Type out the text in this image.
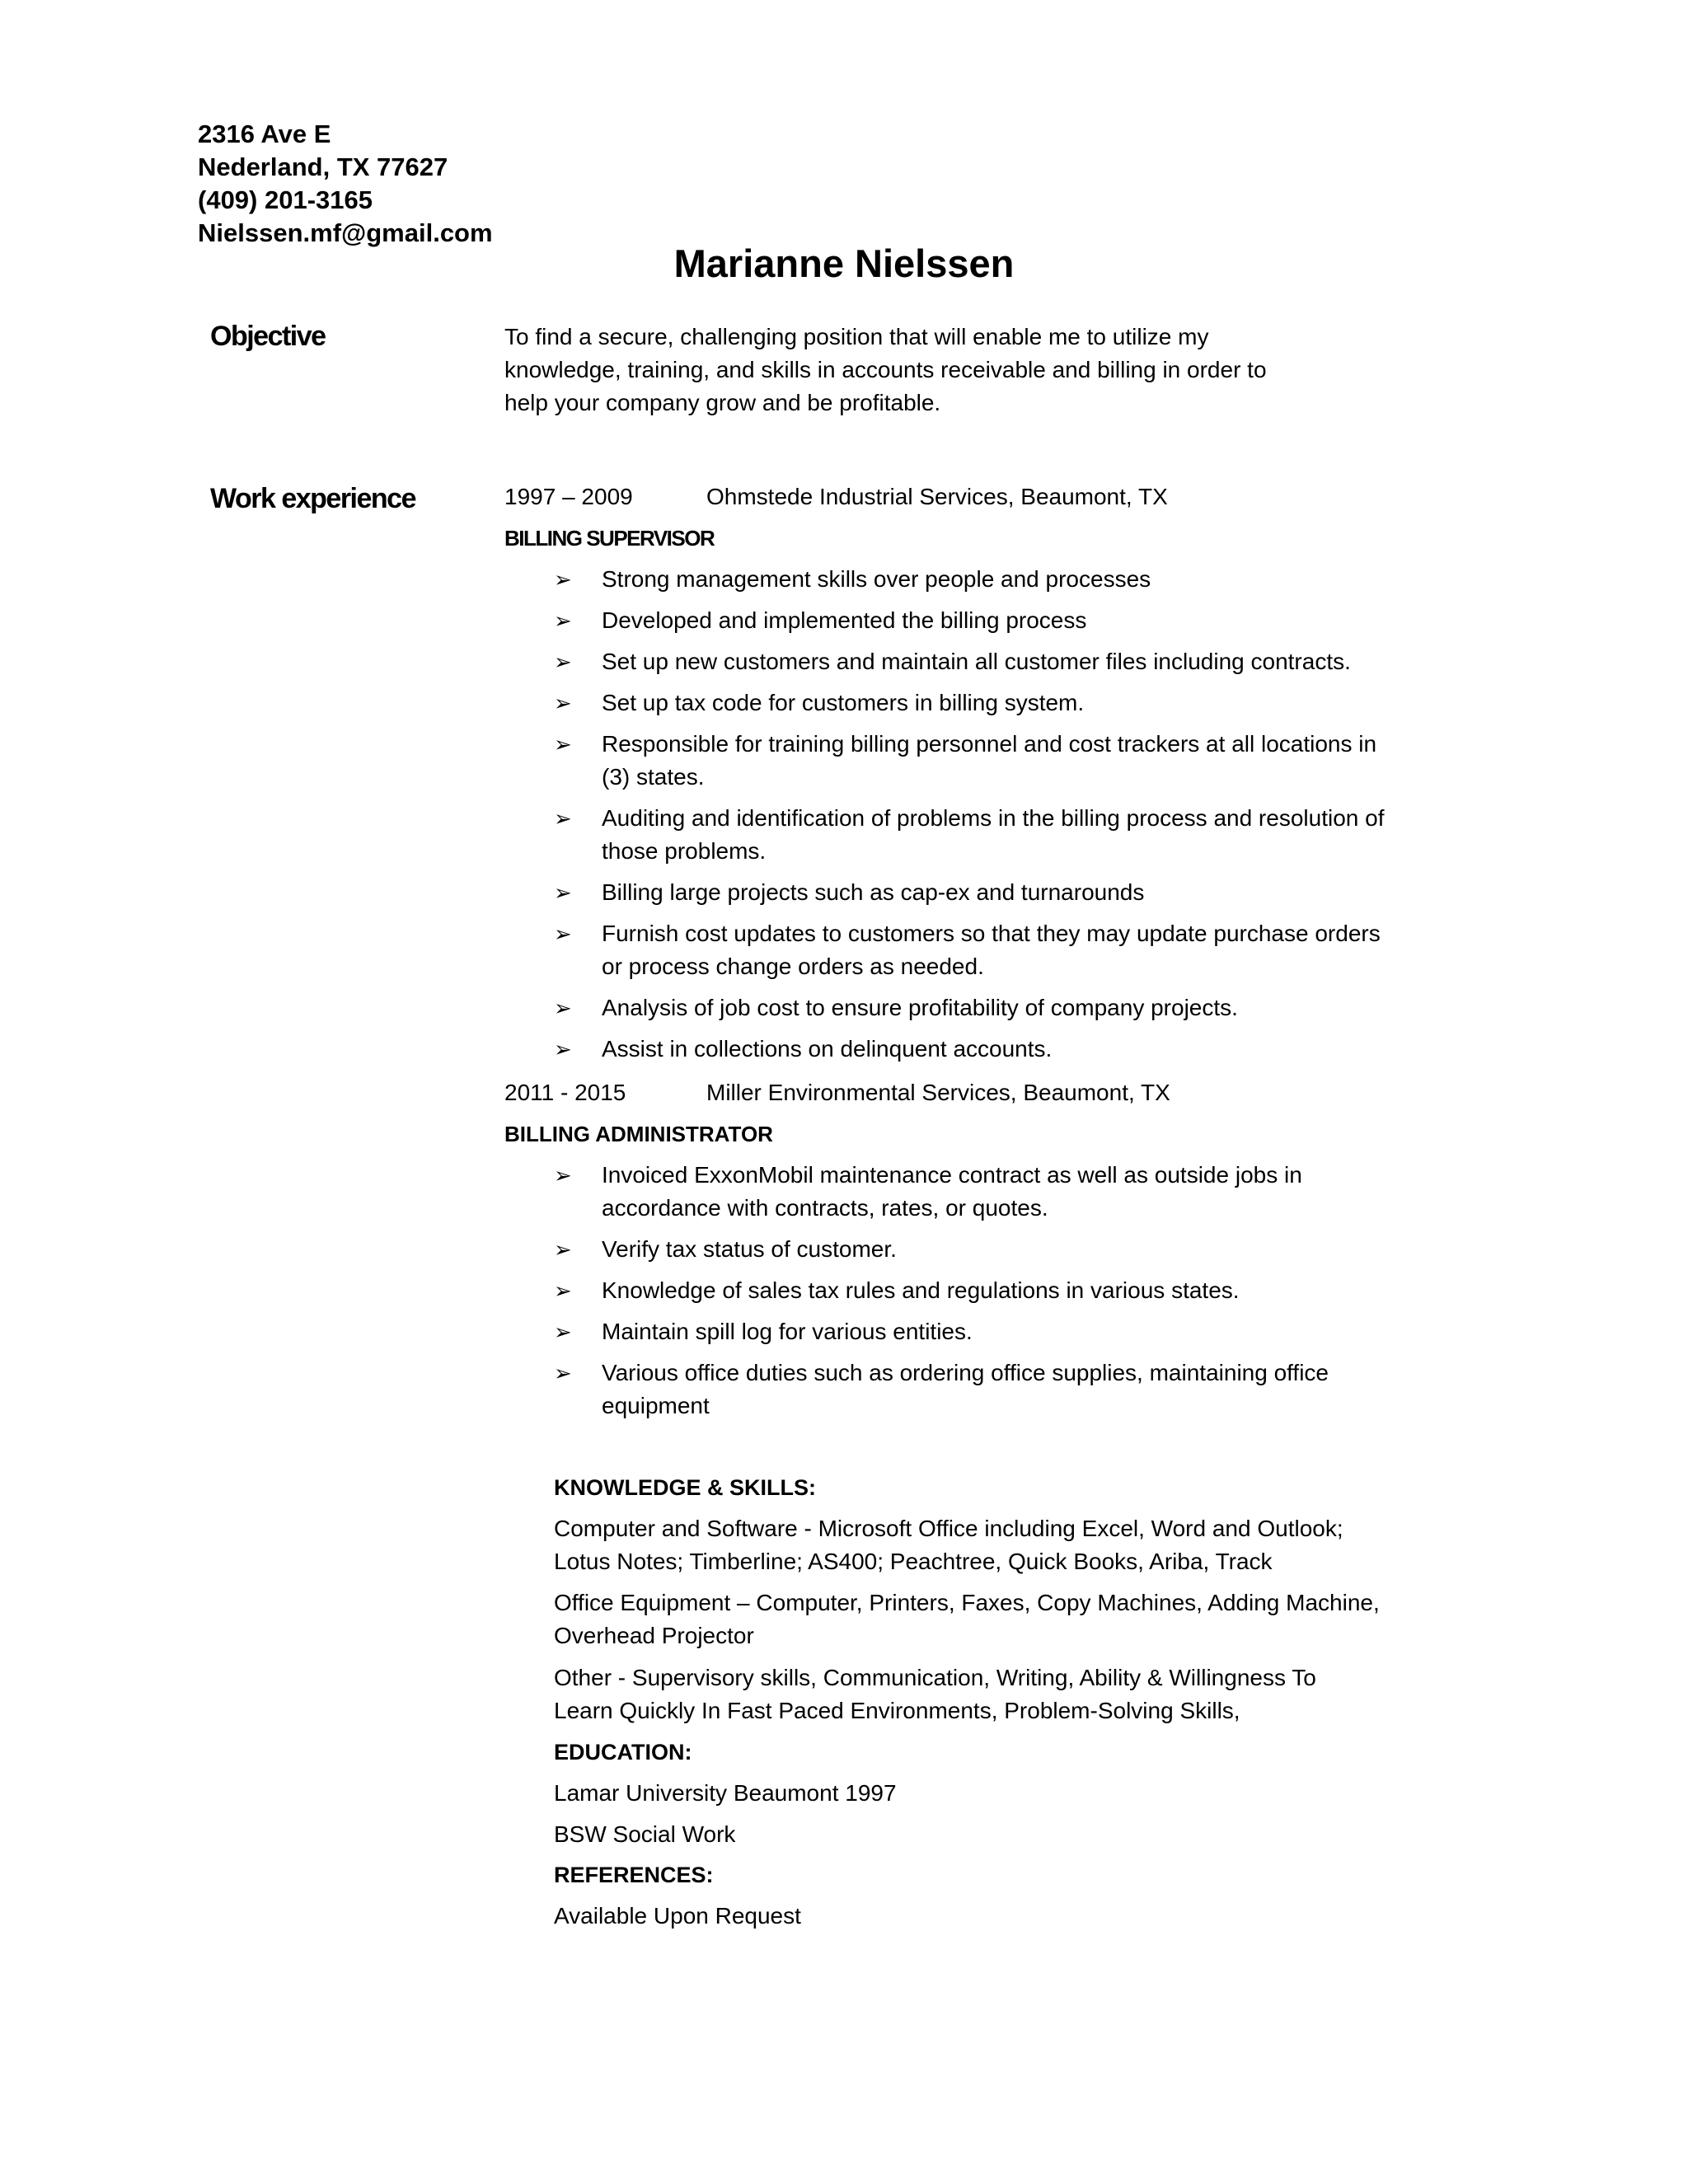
2316 Ave E
Nederland, TX 77627
(409) 201-3165
Nielssen.mf@gmail.com
Marianne Nielssen
Objective	To find a secure, challenging position that will enable me to utilize my
knowledge, training, and skills in accounts receivable and billing in order to
help your company grow and be profitable.
Work experience	1997 – 2009	Ohmstede Industrial Services, Beaumont, TX
BILLING SUPERVISOR
➢ Strong management skills over people and processes
➢ Developed and implemented the billing process
➢ Set up new customers and maintain all customer files including contracts.
➢ Set up tax code for customers in billing system.
➢ Responsible for training billing personnel and cost trackers at all locations in (3) states.
➢ Auditing and identification of problems in the billing process and resolution of those problems.
➢ Billing large projects such as cap-ex and turnarounds
➢ Furnish cost updates to customers so that they may update purchase orders or process change orders as needed.
➢ Analysis of job cost to ensure profitability of company projects.
➢ Assist in collections on delinquent accounts.
2011 - 2015	Miller Environmental Services, Beaumont, TX
BILLING ADMINISTRATOR
➢ Invoiced ExxonMobil maintenance contract as well as outside jobs in accordance with contracts, rates, or quotes.
➢ Verify tax status of customer.
➢ Knowledge of sales tax rules and regulations in various states.
➢ Maintain spill log for various entities.
➢ Various office duties such as ordering office supplies, maintaining office equipment
KNOWLEDGE & SKILLS:
Computer and Software - Microsoft Office including Excel, Word and Outlook;
Lotus Notes; Timberline; AS400; Peachtree, Quick Books, Ariba, Track
Office Equipment – Computer, Printers, Faxes, Copy Machines, Adding Machine,
Overhead Projector
Other - Supervisory skills, Communication, Writing, Ability & Willingness To
Learn Quickly In Fast Paced Environments, Problem-Solving Skills,
EDUCATION:
Lamar University Beaumont 1997
BSW Social Work
REFERENCES:
Available Upon Request
